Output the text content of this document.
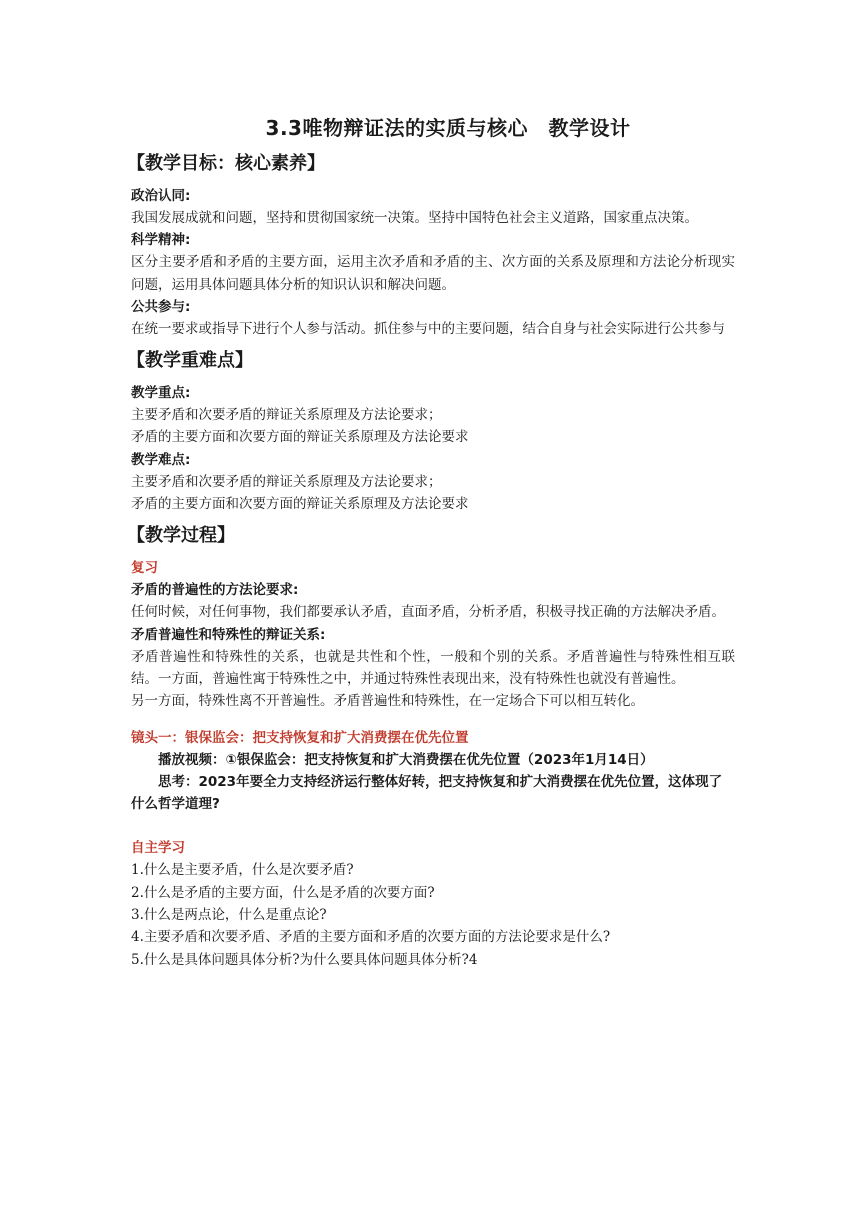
3.3唯物辩证法的实质与核心　教学设计
【教学目标：核心素养】
政治认同:
我国发展成就和问题，坚持和贯彻国家统一决策。坚持中国特色社会主义道路，国家重点决策。
科学精神:
区分主要矛盾和矛盾的主要方面，运用主次矛盾和矛盾的主、次方面的关系及原理和方法论分析现实问题，运用具体问题具体分析的知识认识和解决问题。
公共参与:
在统一要求或指导下进行个人参与活动。抓住参与中的主要问题，结合自身与社会实际进行公共参与
【教学重难点】
教学重点:
主要矛盾和次要矛盾的辩证关系原理及方法论要求；
矛盾的主要方面和次要方面的辩证关系原理及方法论要求
教学难点:
主要矛盾和次要矛盾的辩证关系原理及方法论要求；
矛盾的主要方面和次要方面的辩证关系原理及方法论要求
【教学过程】
复习
矛盾的普遍性的方法论要求:
任何时候，对任何事物，我们都要承认矛盾，直面矛盾，分析矛盾，积极寻找正确的方法解决矛盾。
矛盾普遍性和特殊性的辩证关系:
矛盾普遍性和特殊性的关系，也就是共性和个性，一般和个别的关系。矛盾普遍性与特殊性相互联结。一方面，普遍性寓于特殊性之中，并通过特殊性表现出来，没有特殊性也就没有普遍性。
另一方面，特殊性离不开普遍性。矛盾普遍性和特殊性，在一定场合下可以相互转化。
镜头一：银保监会：把支持恢复和扩大消费摆在优先位置
播放视频：①银保监会：把支持恢复和扩大消费摆在优先位置（2023年1月14日）
思考：2023年要全力支持经济运行整体好转，把支持恢复和扩大消费摆在优先位置，这体现了什么哲学道理?
自主学习
1.什么是主要矛盾，什么是次要矛盾?
2.什么是矛盾的主要方面，什么是矛盾的次要方面?
3.什么是两点论，什么是重点论?
4.主要矛盾和次要矛盾、矛盾的主要方面和矛盾的次要方面的方法论要求是什么?
5.什么是具体问题具体分析?为什么要具体问题具体分析?4
